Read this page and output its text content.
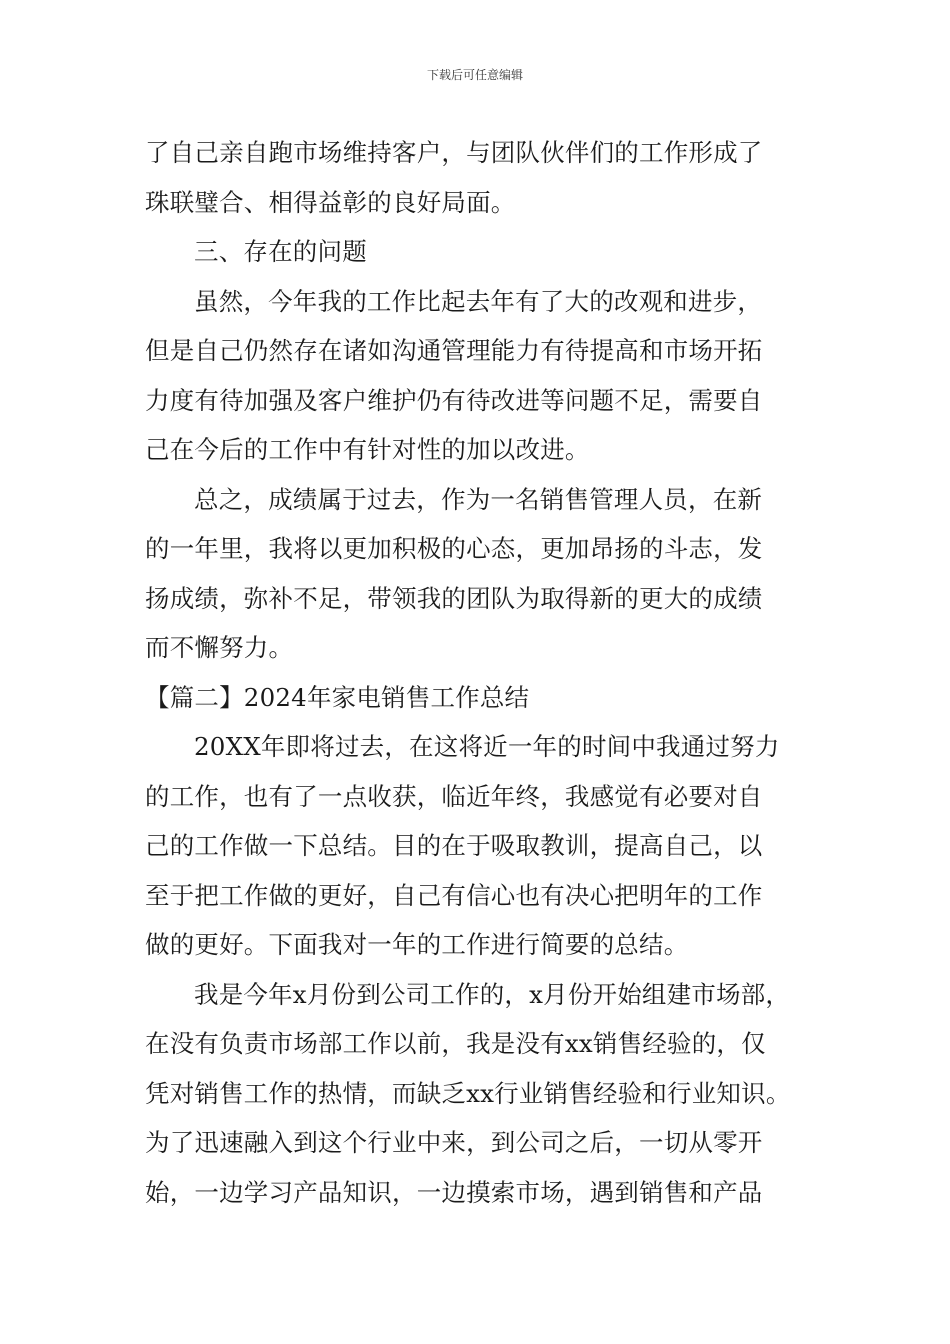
下载后可任意编辑
了自己亲自跑市场维持客户，与团队伙伴们的工作形成了
珠联璧合、相得益彰的良好局面。
三、存在的问题
虽然，今年我的工作比起去年有了大的改观和进步，
但是自己仍然存在诸如沟通管理能力有待提高和市场开拓
力度有待加强及客户维护仍有待改进等问题不足，需要自
己在今后的工作中有针对性的加以改进。
总之，成绩属于过去，作为一名销售管理人员，在新
的一年里，我将以更加积极的心态，更加昂扬的斗志，发
扬成绩，弥补不足，带领我的团队为取得新的更大的成绩
而不懈努力。
【篇二】2024年家电销售工作总结
20XX年即将过去，在这将近一年的时间中我通过努力
的工作，也有了一点收获，临近年终，我感觉有必要对自
己的工作做一下总结。目的在于吸取教训，提高自己，以
至于把工作做的更好，自己有信心也有决心把明年的工作
做的更好。下面我对一年的工作进行简要的总结。
我是今年x月份到公司工作的，x月份开始组建市场部，
在没有负责市场部工作以前，我是没有xx销售经验的，仅
凭对销售工作的热情，而缺乏xx行业销售经验和行业知识。
为了迅速融入到这个行业中来，到公司之后，一切从零开
始，一边学习产品知识，一边摸索市场，遇到销售和产品
